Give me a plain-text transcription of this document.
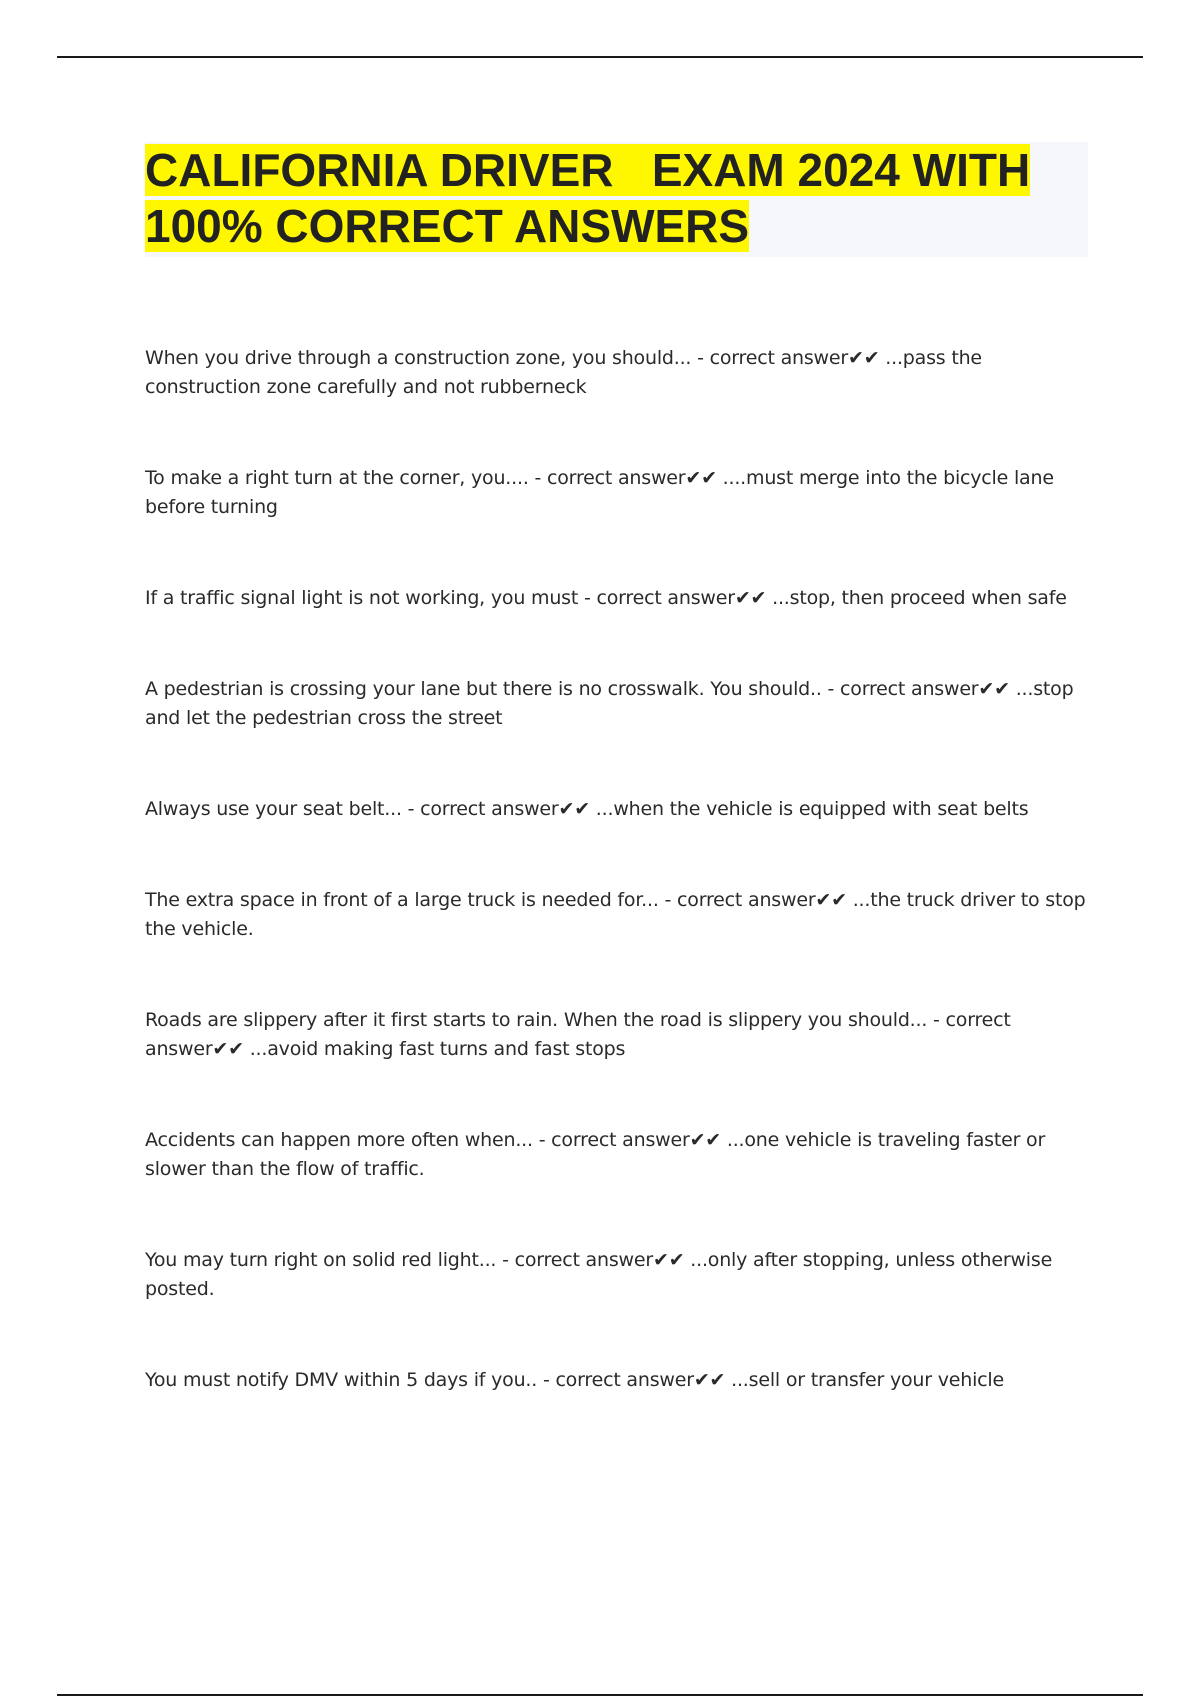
CALIFORNIA DRIVER   EXAM 2024 WITH
100% CORRECT ANSWERS
When you drive through a construction zone, you should... - correct answer✔✔ ...pass the construction zone carefully and not rubberneck
To make a right turn at the corner, you.... - correct answer✔✔ ....must merge into the bicycle lane before turning
If a traffic signal light is not working, you must - correct answer✔✔ ...stop, then proceed when safe
A pedestrian is crossing your lane but there is no crosswalk. You should.. - correct answer✔✔ ...stop and let the pedestrian cross the street
Always use your seat belt... - correct answer✔✔ ...when the vehicle is equipped with seat belts
The extra space in front of a large truck is needed for... - correct answer✔✔ ...the truck driver to stop the vehicle.
Roads are slippery after it first starts to rain. When the road is slippery you should... - correct answer✔✔ ...avoid making fast turns and fast stops
Accidents can happen more often when... - correct answer✔✔ ...one vehicle is traveling faster or slower than the flow of traffic.
You may turn right on solid red light... - correct answer✔✔ ...only after stopping, unless otherwise posted.
You must notify DMV within 5 days if you.. - correct answer✔✔ ...sell or transfer your vehicle
